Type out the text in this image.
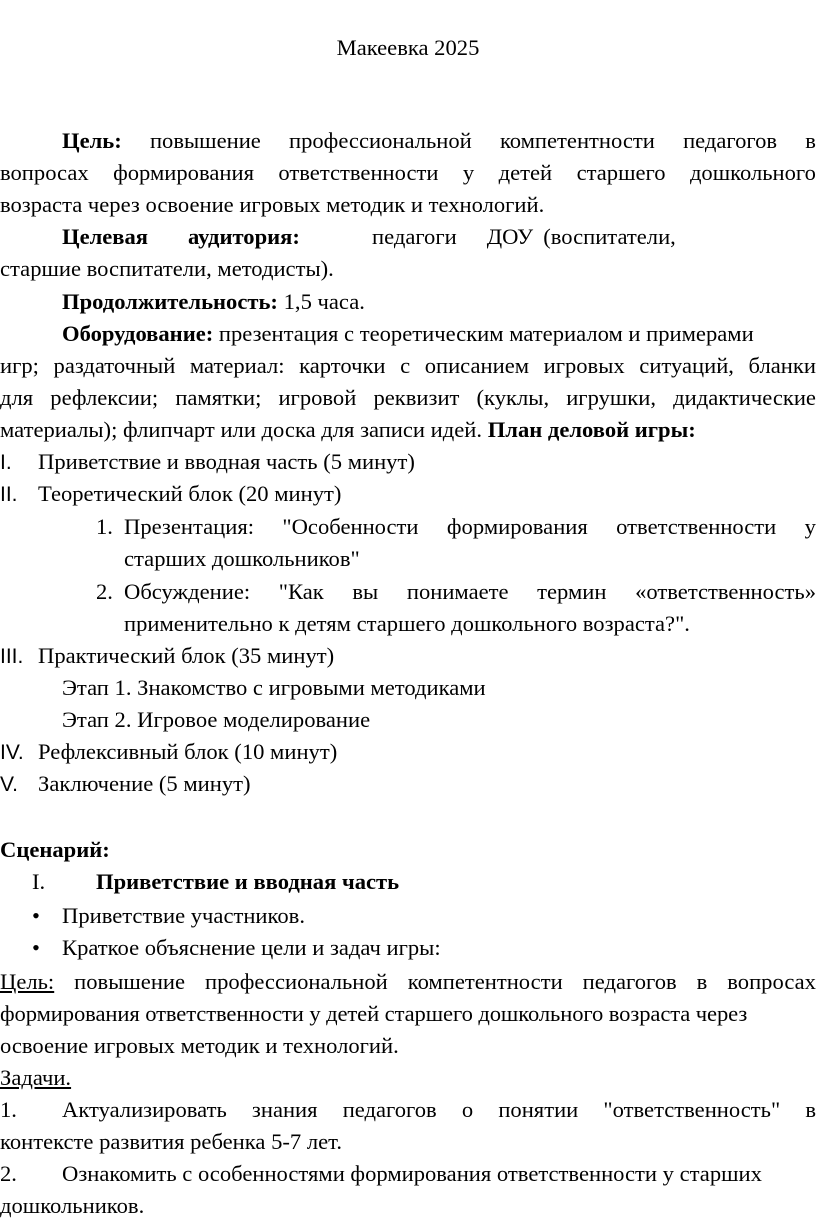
Макеевка 2025
Цель: повышение профессиональной компетентности педагогов в
вопросах формирования ответственности у детей старшего дошкольного
возраста через освоение игровых методик и технологий.
Целевая аудитория:	педагоги ДОУ (воспитатели,
старшие воспитатели, методисты).
Продолжительность: 1,5 часа.
Оборудование: презентация с теоретическим материалом и примерами
игр; раздаточный материал: карточки с описанием игровых ситуаций, бланки
для рефлексии; памятки; игровой реквизит (куклы, игрушки, дидактические
материалы); флипчарт или доска для записи идей. План деловой игры:
I. Приветствие и вводная часть (5 минут)
II. Теоретический блок (20 минут)
1. Презентация: "Особенности формирования ответственности у
старших дошкольников"
2. Обсуждение: "Как вы понимаете термин «ответственность»
применительно к детям старшего дошкольного возраста?".
III. Практический блок (35 минут)
Этап 1. Знакомство с игровыми методиками
Этап 2. Игровое моделирование
IV. Рефлексивный блок (10 минут)
V. Заключение (5 минут)
Сценарий:
I. Приветствие и вводная часть
• Приветствие участников.
• Краткое объяснение цели и задач игры:
Цель: повышение профессиональной компетентности педагогов в вопросах
формирования ответственности у детей старшего дошкольного возраста через
освоение игровых методик и технологий.
Задачи.
1. Актуализировать знания педагогов о понятии "ответственность" в
контексте развития ребенка 5-7 лет.
2. Ознакомить с особенностями формирования ответственности у старших
дошкольников.
